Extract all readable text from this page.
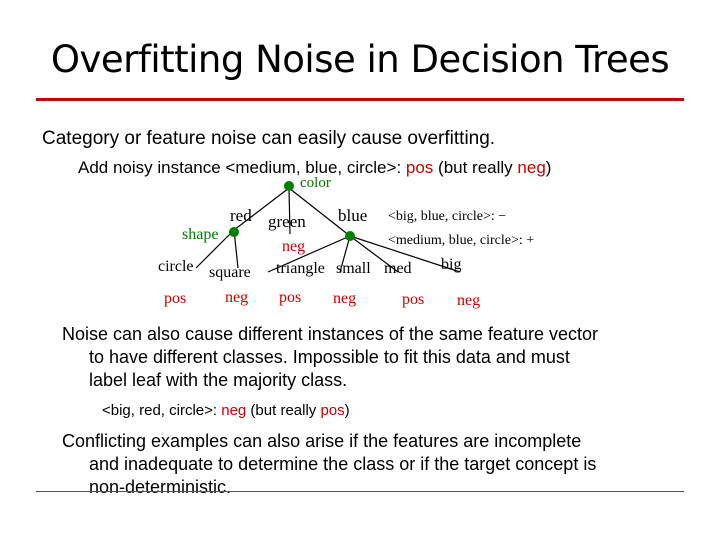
Overfitting Noise in Decision Trees
Category or feature noise can easily cause overfitting.
Add noisy instance <medium, blue, circle>: pos (but really neg)
color
red green blue <big, blue, circle>: −
<medium, blue, circle>: +
shape
neg
circle square triangle small med big
pos neg pos neg	pos neg
Noise can also cause different instances of the same feature vector
to have different classes. Impossible to fit this data and must
label leaf with the majority class.
<big, red, circle>: neg (but really pos)
Conflicting examples can also arise if the features are incomplete
and inadequate to determine the class or if the target concept is
non-deterministic.
